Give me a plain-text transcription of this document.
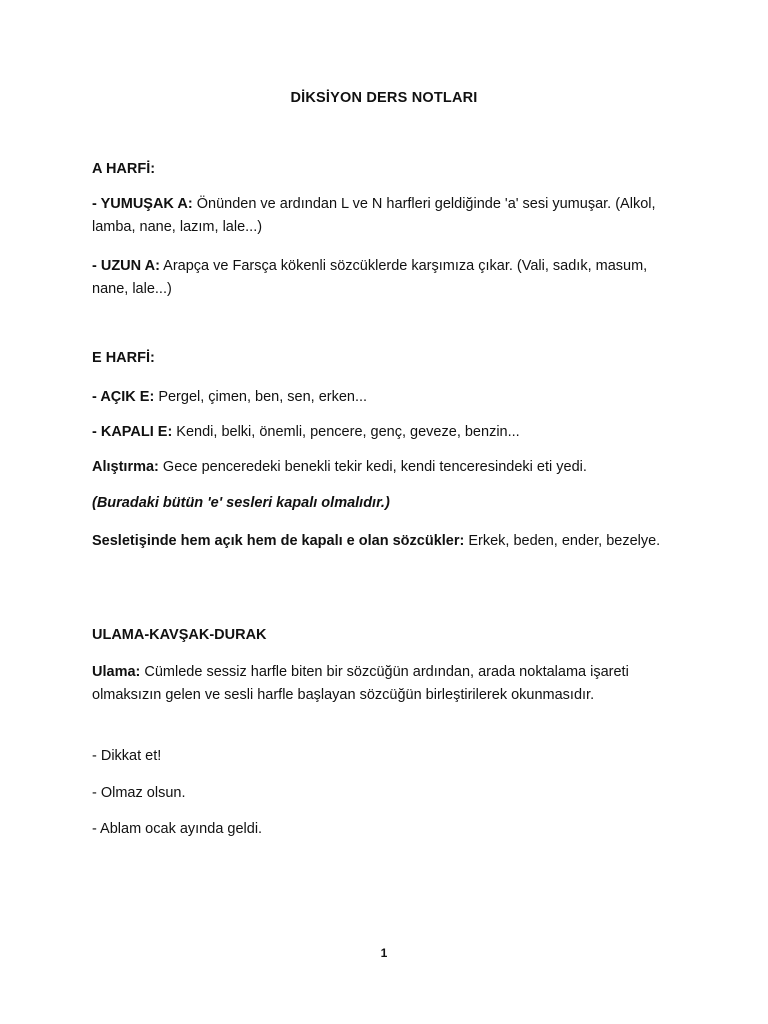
DİKSİYON DERS NOTLARI
A HARFİ:
- YUMUŞAK A: Önünden ve ardından L ve N harfleri geldiğinde 'a' sesi yumuşar. (Alkol, lamba, nane, lazım, lale...)
- UZUN A: Arapça ve Farsça kökenli sözcüklerde karşımıza çıkar. (Vali, sadık, masum, nane, lale...)
E HARFİ:
- AÇIK E: Pergel, çimen, ben, sen, erken...
- KAPALI E: Kendi, belki, önemli, pencere, genç, geveze, benzin...
Alıştırma: Gece penceredeki benekli tekir kedi, kendi tenceresindeki eti yedi.
(Buradaki bütün 'e' sesleri kapalı olmalıdır.)
Sesletişinde hem açık hem de kapalı e olan sözcükler: Erkek, beden, ender, bezelye.
ULAMA-KAVŞAK-DURAK
Ulama: Cümlede sessiz harfle biten bir sözcüğün ardından, arada noktalama işareti olmaksızın gelen ve sesli harfle başlayan sözcüğün birleştirilerek okunmasıdır.
- Dikkat et!
- Olmaz olsun.
- Ablam ocak ayında geldi.
1
